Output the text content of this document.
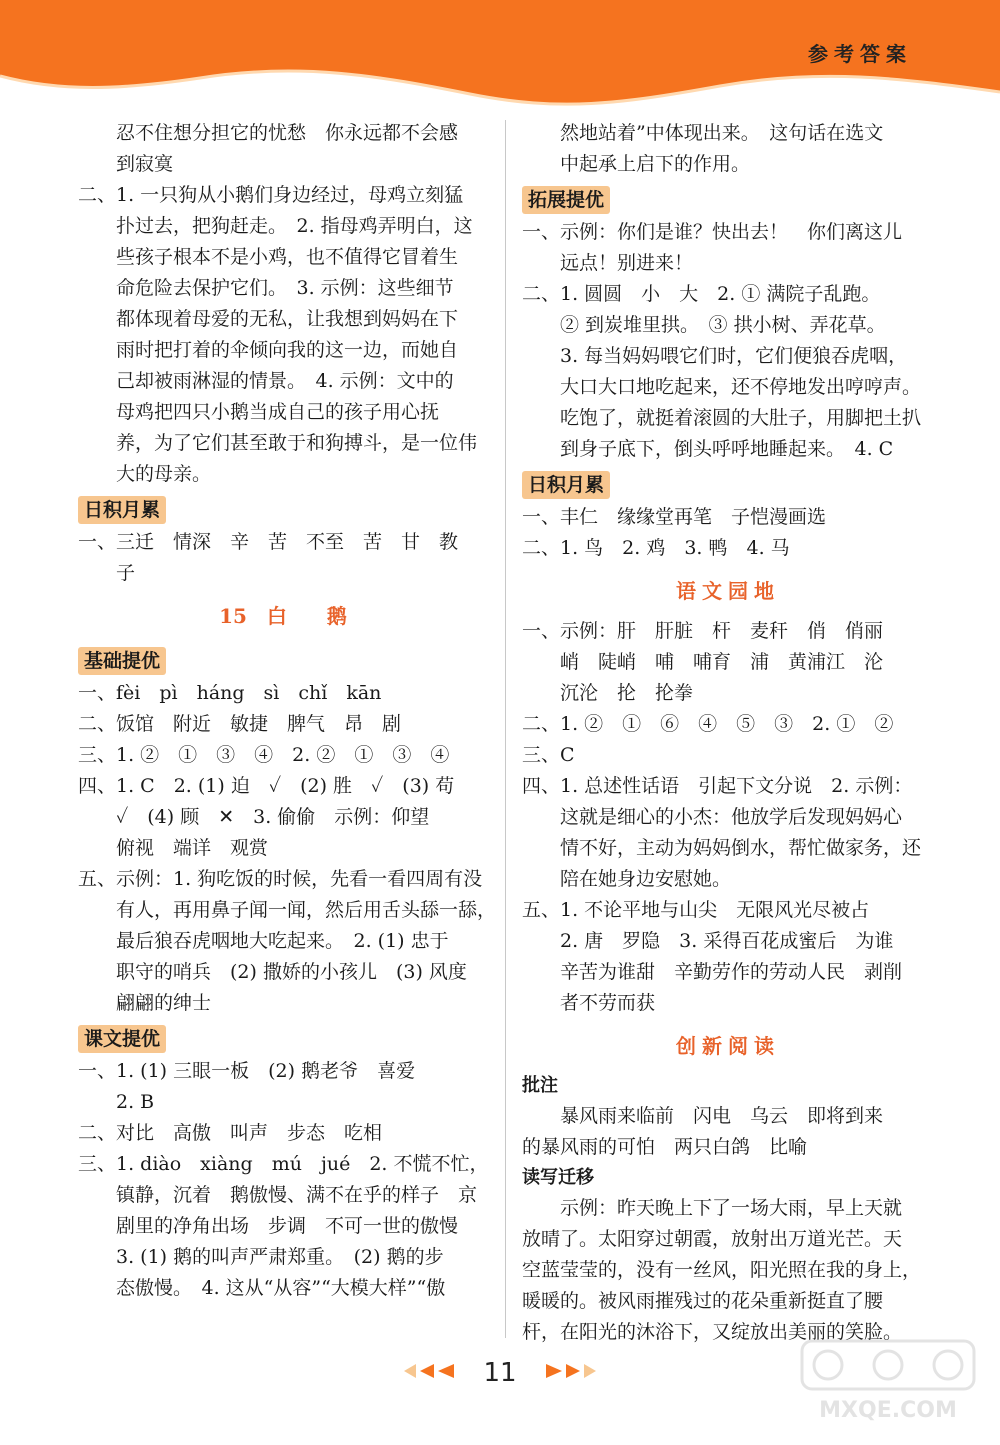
参考答案
忍不住想分担它的忧愁　你永远都不会感
到寂寞
二、1. 一只狗从小鹅们身边经过，母鸡立刻猛
扑过去，把狗赶走。　2. 指母鸡弄明白，这
些孩子根本不是小鸡，也不值得它冒着生
命危险去保护它们。　3. 示例：这些细节
都体现着母爱的无私，让我想到妈妈在下
雨时把打着的伞倾向我的这一边，而她自
己却被雨淋湿的情景。　4. 示例：文中的
母鸡把四只小鹅当成自己的孩子用心抚
养，为了它们甚至敢于和狗搏斗，是一位伟
大的母亲。
日积月累
一、三迁　情深　辛　苦　不至　苦　甘　教
子
15　白　　鹅
基础提优
一、fèi　pì　háng　sì　chǐ　kān
二、饭馆　附近　敏捷　脾气　昂　剧
三、1. ②　①　③　④　2. ②　①　③　④
四、1. C　2. (1) 迫　✓　(2) 胜　✓　(3) 苟
✓　(4) 顾　✕　3. 偷偷　示例：仰望
俯视　端详　观赏
五、示例：1. 狗吃饭的时候，先看一看四周有没
有人，再用鼻子闻一闻，然后用舌头舔一舔，
最后狼吞虎咽地大吃起来。　2. (1) 忠于
职守的哨兵　(2) 撒娇的小孩儿　(3) 风度
翩翩的绅士
课文提优
一、1. (1) 三眼一板　(2) 鹅老爷　喜爱
2. B
二、对比　高傲　叫声　步态　吃相
三、1. diào　xiàng　mú　jué　2. 不慌不忙，
镇静，沉着　鹅傲慢、满不在乎的样子　京
剧里的净角出场　步调　不可一世的傲慢
3. (1) 鹅的叫声严肃郑重。　(2) 鹅的步
态傲慢。　4. 这从“从容”“大模大样”“傲
然地站着”中体现出来。　这句话在选文
中起承上启下的作用。
拓展提优
一、示例：你们是谁？快出去！　你们离这儿
远点！别进来！
二、1. 圆圆　小　大　2. ① 满院子乱跑。
② 到炭堆里拱。　③ 拱小树、弄花草。
3. 每当妈妈喂它们时，它们便狼吞虎咽，
大口大口地吃起来，还不停地发出哼哼声。
吃饱了，就挺着滚圆的大肚子，用脚把土扒
到身子底下，倒头呼呼地睡起来。　4. C
日积月累
一、丰仁　缘缘堂再笔　子恺漫画选
二、1. 鸟　2. 鸡　3. 鸭　4. 马
语文园地
一、示例：肝　肝脏　杆　麦秆　俏　俏丽
峭　陡峭　哺　哺育　浦　黄浦江　沦
沉沦　抡　抡拳
二、1. ②　①　⑥　④　⑤　③　2. ①　②
三、C
四、1. 总述性话语　引起下文分说　2. 示例：
这就是细心的小杰：他放学后发现妈妈心
情不好，主动为妈妈倒水，帮忙做家务，还
陪在她身边安慰她。
五、1. 不论平地与山尖　无限风光尽被占
2. 唐　罗隐　3. 采得百花成蜜后　为谁
辛苦为谁甜　辛勤劳作的劳动人民　剥削
者不劳而获
创新阅读
批注
暴风雨来临前　闪电　乌云　即将到来
的暴风雨的可怕　两只白鸽　比喻
读写迁移
示例：昨天晚上下了一场大雨，早上天就
放晴了。太阳穿过朝霞，放射出万道光芒。天
空蓝莹莹的，没有一丝风，阳光照在我的身上，
暖暖的。被风雨摧残过的花朵重新挺直了腰
杆，在阳光的沐浴下，又绽放出美丽的笑脸。
11
MXQE.COM
